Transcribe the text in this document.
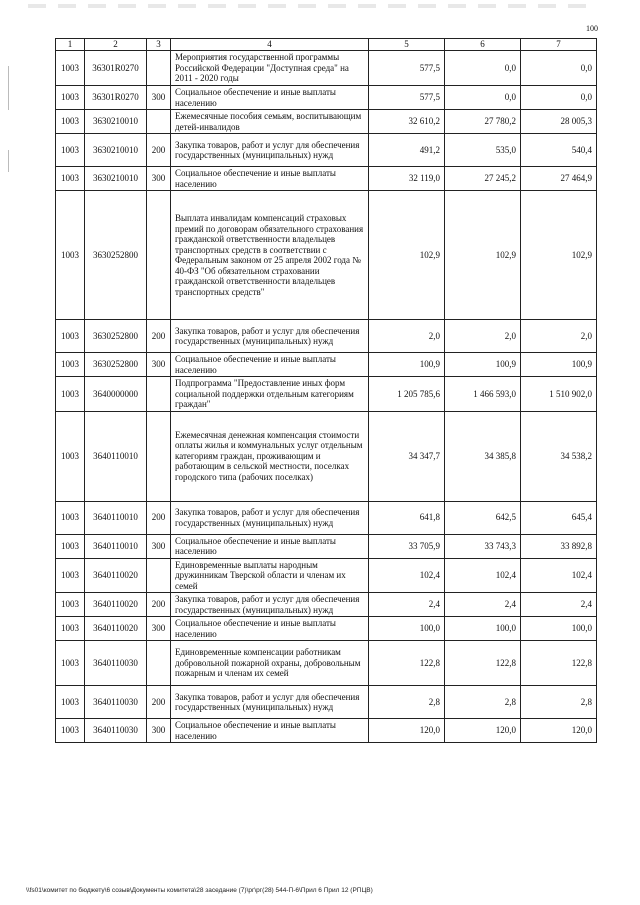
100
1	2	3	4	5	6	7
1003	36301R0270		Мероприятия государственной программы Российской Федерации "Доступная среда" на 2011 - 2020 годы	577,5	0,0	0,0
1003	36301R0270	300	Социальное обеспечение и иные выплаты населению	577,5	0,0	0,0
1003	3630210010		Ежемесячные пособия семьям, воспитывающим детей-инвалидов	32 610,2	27 780,2	28 005,3
1003	3630210010	200	Закупка товаров, работ и услуг для обеспечения государственных (муниципальных) нужд	491,2	535,0	540,4
1003	3630210010	300	Социальное обеспечение и иные выплаты населению	32 119,0	27 245,2	27 464,9
1003	3630252800		Выплата инвалидам компенсаций страховых премий по договорам обязательного страхования гражданской ответственности владельцев транспортных средств в соответствии с Федеральным законом от 25 апреля 2002 года № 40-ФЗ "Об обязательном страховании гражданской ответственности владельцев транспортных средств"	102,9	102,9	102,9
1003	3630252800	200	Закупка товаров, работ и услуг для обеспечения государственных (муниципальных) нужд	2,0	2,0	2,0
1003	3630252800	300	Социальное обеспечение и иные выплаты населению	100,9	100,9	100,9
1003	3640000000		Подпрограмма "Предоставление иных форм социальной поддержки отдельным категориям граждан"	1 205 785,6	1 466 593,0	1 510 902,0
1003	3640110010		Ежемесячная денежная компенсация стоимости оплаты жилья и коммунальных услуг отдельным категориям граждан, проживающим и работающим в сельской местности, поселках городского типа (рабочих поселках)	34 347,7	34 385,8	34 538,2
1003	3640110010	200	Закупка товаров, работ и услуг для обеспечения государственных (муниципальных) нужд	641,8	642,5	645,4
1003	3640110010	300	Социальное обеспечение и иные выплаты населению	33 705,9	33 743,3	33 892,8
1003	3640110020		Единовременные выплаты народным дружинникам Тверской области и членам их семей	102,4	102,4	102,4
1003	3640110020	200	Закупка товаров, работ и услуг для обеспечения государственных (муниципальных) нужд	2,4	2,4	2,4
1003	3640110020	300	Социальное обеспечение и иные выплаты населению	100,0	100,0	100,0
1003	3640110030		Единовременные компенсации работникам добровольной пожарной охраны, добровольным пожарным и членам их семей	122,8	122,8	122,8
1003	3640110030	200	Закупка товаров, работ и услуг для обеспечения государственных (муниципальных) нужд	2,8	2,8	2,8
1003	3640110030	300	Социальное обеспечение и иные выплаты населению	120,0	120,0	120,0
\\fs01\комитет по бюджету\6 созыв\Документы комитета\28 заседание (7)\рг\рг(28) 544-П-6\Прил 6 Прил 12 (РПЦВ)
